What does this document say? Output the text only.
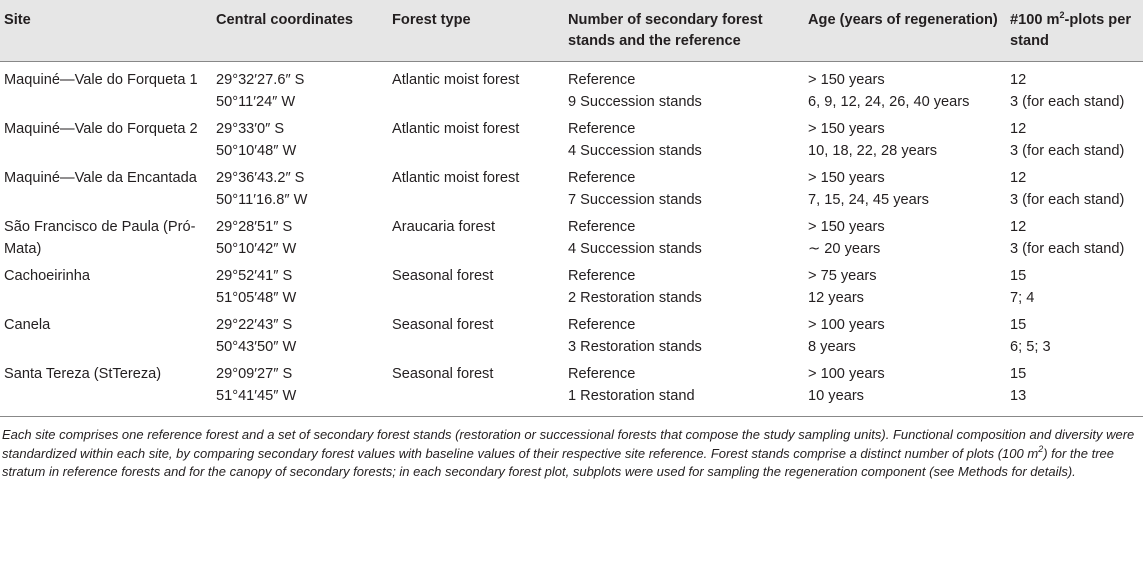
Site	Central coordinates	Forest type	Number of secondary forest stands and the reference	Age (years of regeneration)	#100 $m^2$-plots per stand
Maquiné—Vale do Forqueta 1	29°32′27.6″ S	Atlantic moist forest	Reference	> 150 years	12
	50°11′24″ W		9 Succession stands	6, 9, 12, 24, 26, 40 years	3 (for each stand)
Maquiné—Vale do Forqueta 2	29°33′0″ S	Atlantic moist forest	Reference	> 150 years	12
	50°10′48″ W		4 Succession stands	10, 18, 22, 28 years	3 (for each stand)
Maquiné—Vale da Encantada	29°36′43.2″ S	Atlantic moist forest	Reference	> 150 years	12
	50°11′16.8″ W		7 Succession stands	7, 15, 24, 45 years	3 (for each stand)
São Francisco de Paula (Pró-Mata)	29°28′51″ S	Araucaria forest	Reference	> 150 years	12
	50°10′42″ W		4 Succession stands	∼ 20 years	3 (for each stand)
Cachoeirinha	29°52′41″ S	Seasonal forest	Reference	> 75 years	15
	51°05′48″ W		2 Restoration stands	12 years	7; 4
Canela	29°22′43″ S	Seasonal forest	Reference	> 100 years	15
	50°43′50″ W		3 Restoration stands	8 years	6; 5; 3
Santa Tereza (StTereza)	29°09′27″ S	Seasonal forest	Reference	> 100 years	15
	51°41′45″ W		1 Restoration stand	10 years	13

Each site comprises one reference forest and a set of secondary forest stands (restoration or successional forests that compose the study sampling units). Functional composition and diversity were standardized within each site, by comparing secondary forest values with baseline values of their respective site reference. Forest stands comprise a distinct number of plots (100 $m^2$) for the tree stratum in reference forests and for the canopy of secondary forests; in each secondary forest plot, subplots were used for sampling the regeneration component (see Methods for details).
